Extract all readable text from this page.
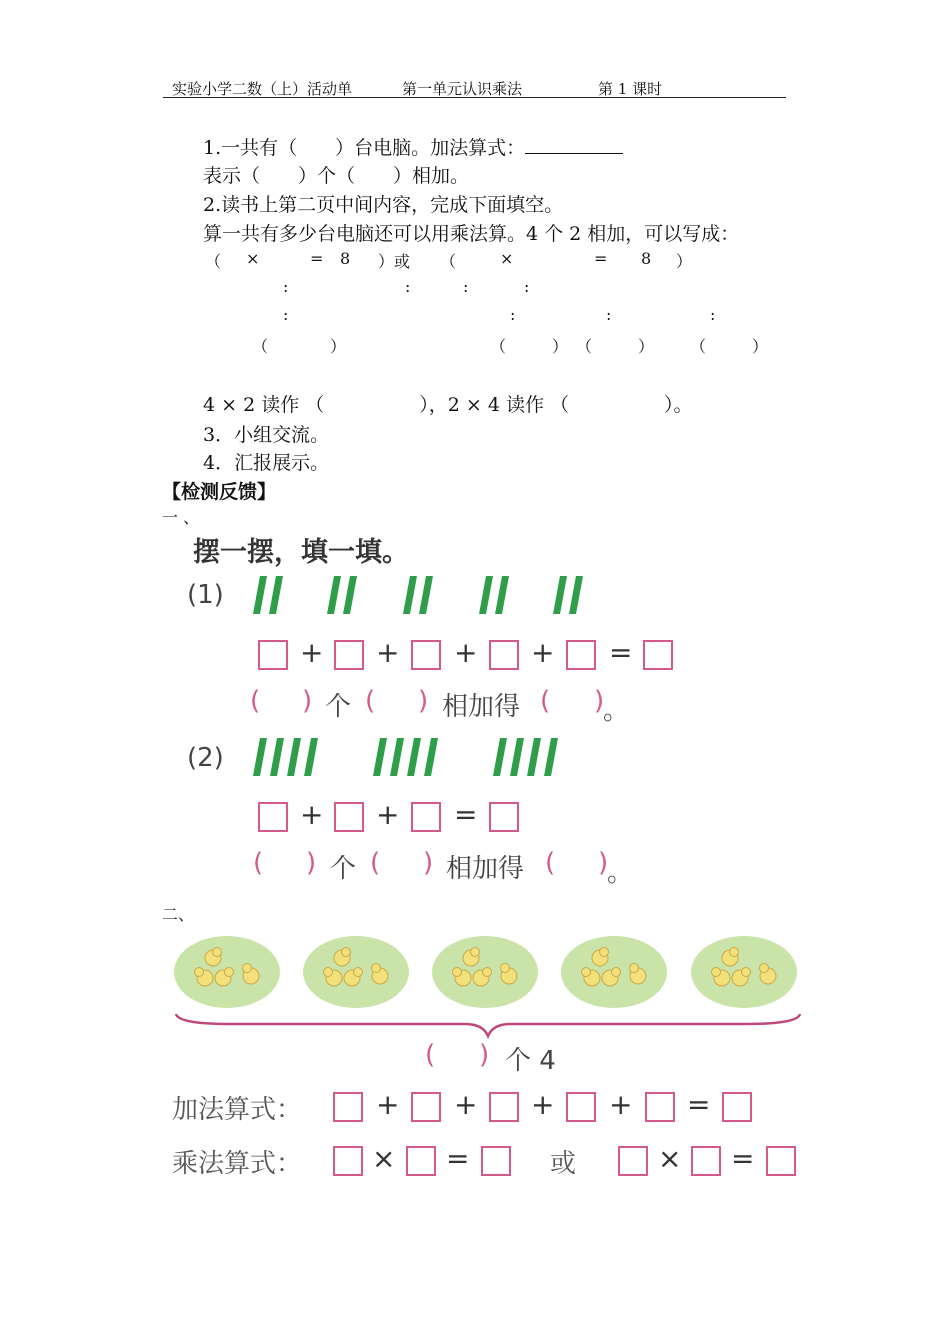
实验小学二数（上）活动单	第一单元认识乘法	第 1 课时
1.一共有（　　）台电脑。加法算式：
表示（　　）个（　　）相加。
2.读书上第二页中间内容，完成下面填空。
算一共有多少台电脑还可以用乘法算。4 个 2 相加，可以写成：
（ ×	= 8 ）或 （	×	= 8 ）
:	:	:	:
:	:	:	:
（	）	（	） （	） （	）
4 × 2 读作 （　　　　　），2 × 4 读作 （　　　　　）。
3．小组交流。
4．汇报展示。
【检测反馈】
一 、
摆一摆，填一填。
(1)
+ + + + =
( ) 个 ( ) 相加得 ( )
。
(2)
+ + =
( ) 个 ( ) 相加得 ( )
。
二、
( ) 个 4
加法算式：	+ + + + =
乘法算式： × =	或	× =
